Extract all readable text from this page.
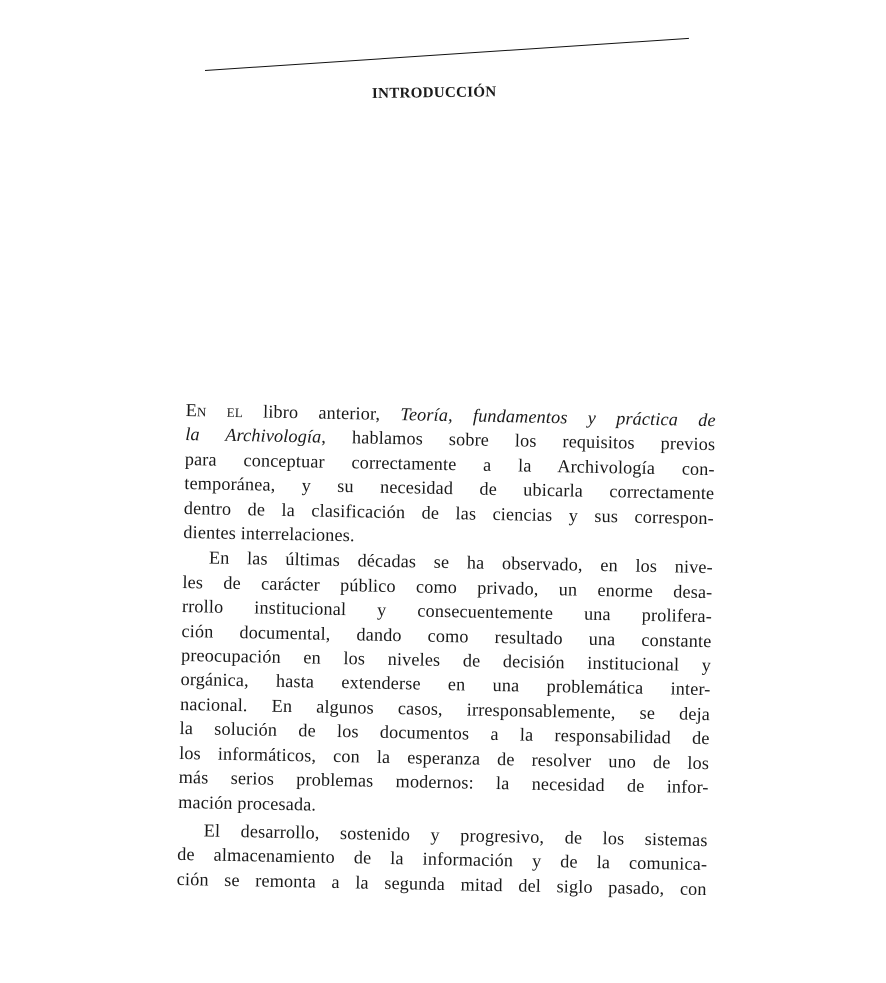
INTRODUCCIÓN
En el libro anterior, Teoría, fundamentos y práctica de
la Archivología, hablamos sobre los requisitos previos
para conceptuar correctamente a la Archivología con-
temporánea, y su necesidad de ubicarla correctamente
dentro de la clasificación de las ciencias y sus correspon-
dientes interrelaciones.
En las últimas décadas se ha observado, en los nive-
les de carácter público como privado, un enorme desa-
rrollo institucional y consecuentemente una prolifera-
ción documental, dando como resultado una constante
preocupación en los niveles de decisión institucional y
orgánica, hasta extenderse en una problemática inter-
nacional. En algunos casos, irresponsablemente, se deja
la solución de los documentos a la responsabilidad de
los informáticos, con la esperanza de resolver uno de los
más serios problemas modernos: la necesidad de infor-
mación procesada.
El desarrollo, sostenido y progresivo, de los sistemas
de almacenamiento de la información y de la comunica-
ción se remonta a la segunda mitad del siglo pasado, con
